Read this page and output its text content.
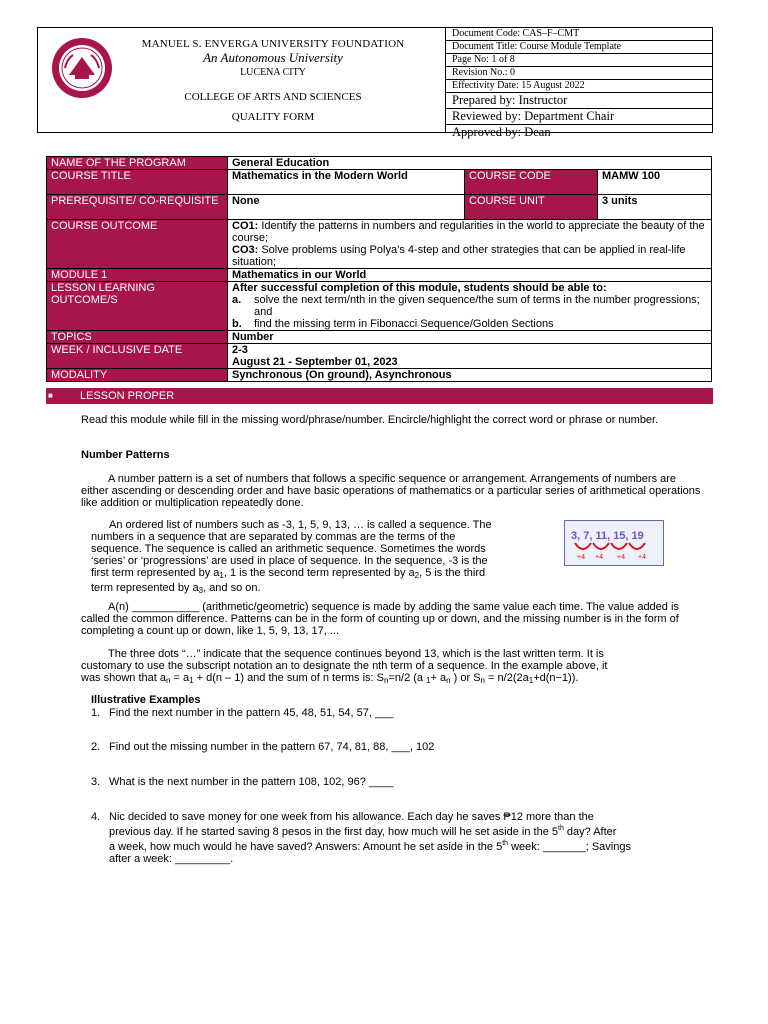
MANUEL S. ENVERGA UNIVERSITY FOUNDATION
An Autonomous University
LUCENA CITY
COLLEGE OF ARTS AND SCIENCES
QUALITY FORM
Document Code: CAS–F–CMT
Document Title: Course Module Template
Page No: 1 of 8
Revision No.: 0
Effectivity Date: 15 August 2022
Prepared by: Instructor
Reviewed by: Department Chair
Approved by: Dean
NAME OF THE PROGRAM	General Education		
COURSE TITLE	Mathematics in the Modern World	COURSE CODE	MAMW 100
PREREQUISITE/ CO-REQUISITE	None	COURSE UNIT	3 units
COURSE OUTCOME	CO1: Identify the patterns in numbers and regularities in the world to appreciate the beauty of the course;
CO3: Solve problems using Polya’s 4-step and other strategies that can be applied in real-life situation;		

MODULE 1	Mathematics in our World		
LESSON LEARNING OUTCOME/S	After successful completion of this module, students should be able to:
a. solve the next term/nth in the given sequence/the sum of terms in the number progressions; and
b. find the missing term in Fibonacci Sequence/Golden Sections		

TOPICS	Number		
WEEK / INCLUSIVE DATE	2-3
August 21 - September 01, 2023		

MODALITY	Synchronous (On ground), Asynchronous		
■ LESSON PROPER
Read this module while fill in the missing word/phrase/number. Encircle/highlight the correct word or phrase or number.
Number Patterns
A number pattern is a set of numbers that follows a specific sequence or arrangement. Arrangements of numbers are either ascending or descending order and have basic operations of mathematics or a particular series of arithmetical operations like addition or multiplication repeatedly done.
An ordered list of numbers such as -3, 1, 5, 9, 13, … is called a sequence. The
numbers in a sequence that are separated by commas are the terms of the
sequence. The sequence is called an arithmetic sequence. Sometimes the words
‘series’ or ‘progressions’ are used in place of sequence. In the sequence, -3 is the
first term represented by $a_1$, 1 is the second term represented by $a_2$, 5 is the third
term represented by $a_3$, and so on.
3, 7, 11, 15, 19
+4 +4 +4 +4
A(n) ___________ (arithmetic/geometric) sequence is made by adding the same value each time. The value added is called the common difference. Patterns can be in the form of counting up or down, and the missing number is in the form of completing a count up or down, like 1, 5, 9, 13, 17, ...
The three dots “…” indicate that the sequence continues beyond 13, which is the last written term. It is
customary to use the subscript notation an to designate the nth term of a sequence. In the example above, it
was shown that $a_n = a_1 + d(n - 1)$ and the sum of n terms is: $S_n=n/2$ (a $_1+ a_n$ ) or $S_n = n/2(2a_1+d(n-1))$.
Illustrative Examples
1. Find the next number in the pattern 45, 48, 51, 54, 57, ___
2. Find out the missing number in the pattern 67, 74, 81, 88, ___, 102
3. What is the next number in the pattern 108, 102, 96? ____
4. Nic decided to save money for one week from his allowance. Each day he saves ₱12 more than the
previous day. If he started saving 8 pesos in the first day, how much will he set aside in the 5th day? After
a week, how much would he have saved? Answers: Amount he set aside in the 5th week: _______; Savings
after a week: _________.
